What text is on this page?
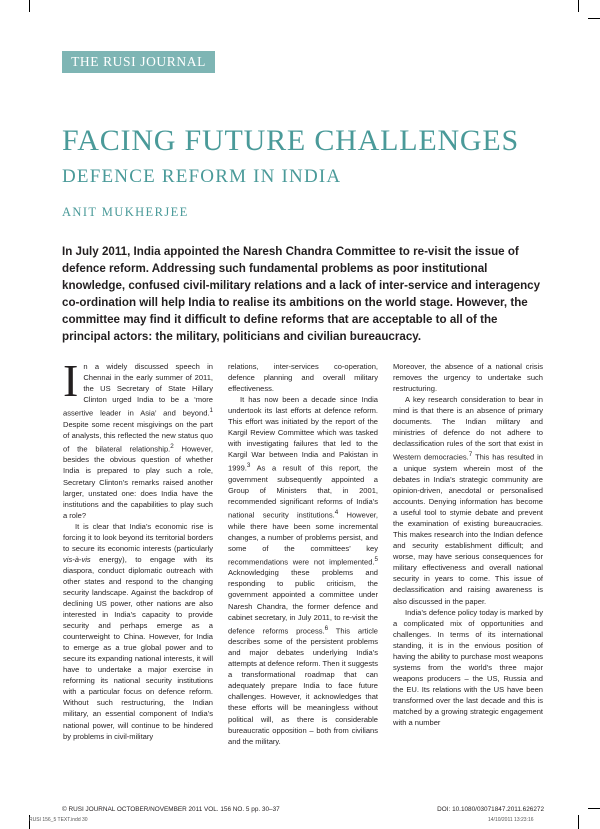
THE RUSI JOURNAL
FACING FUTURE CHALLENGES
DEFENCE REFORM IN INDIA
ANIT MUKHERJEE
In July 2011, India appointed the Naresh Chandra Committee to re-visit the issue of defence reform. Addressing such fundamental problems as poor institutional knowledge, confused civil-military relations and a lack of inter-service and interagency co-ordination will help India to realise its ambitions on the world stage. However, the committee may find it difficult to define reforms that are acceptable to all of the principal actors: the military, politicians and civilian bureaucracy.

In a widely discussed speech in Chennai in the early summer of 2011, the US Secretary of State Hillary Clinton urged India to be a ‘more assertive leader in Asia’ and beyond.$^1$ Despite some recent misgivings on the part of analysts, this reflected the new status quo of the bilateral relationship.$^2$ However, besides the obvious question of whether India is prepared to play such a role, Secretary Clinton’s remarks raised another larger, unstated one: does India have the institutions and the capabilities to play such a role?

It is clear that India’s economic rise is forcing it to look beyond its territorial borders to secure its economic interests (particularly vis-à-vis energy), to engage with its diaspora, conduct diplomatic outreach with other states and respond to the changing security landscape. Against the backdrop of declining US power, other nations are also interested in India’s capacity to provide security and perhaps emerge as a counterweight to China. However, for India to emerge as a true global power and to secure its expanding national interests, it will have to undertake a major exercise in reforming its national security institutions with a particular focus on defence reform. Without such restructuring, the Indian military, an essential component of India’s national power, will continue to be hindered by problems in civil-military

relations, inter-services co-operation, defence planning and overall military effectiveness.

It has now been a decade since India undertook its last efforts at defence reform. This effort was initiated by the report of the Kargil Review Committee which was tasked with investigating failures that led to the Kargil War between India and Pakistan in 1999.$^3$ As a result of this report, the government subsequently appointed a Group of Ministers that, in 2001, recommended significant reforms of India’s national security institutions.$^4$ However, while there have been some incremental changes, a number of problems persist, and some of the committees’ key recommendations were not implemented.$^5$ Acknowledging these problems and responding to public criticism, the government appointed a committee under Naresh Chandra, the former defence and cabinet secretary, in July 2011, to re-visit the defence reforms process.$^6$ This article describes some of the persistent problems and major debates underlying India’s attempts at defence reform. Then it suggests a transformational roadmap that can adequately prepare India to face future challenges. However, it acknowledges that these efforts will be meaningless without political will, as there is considerable bureaucratic opposition – both from civilians and the military.

Moreover, the absence of a national crisis removes the urgency to undertake such restructuring.

A key research consideration to bear in mind is that there is an absence of primary documents. The Indian military and ministries of defence do not adhere to declassification rules of the sort that exist in Western democracies.$^7$ This has resulted in a unique system wherein most of the debates in India’s strategic community are opinion-driven, anecdotal or personalised accounts. Denying information has become a useful tool to stymie debate and prevent the examination of existing bureaucracies. This makes research into the Indian defence and security establishment difficult; and worse, may have serious consequences for military effectiveness and overall national security in years to come. This issue of declassification and raising awareness is also discussed in the paper.

India’s defence policy today is marked by a complicated mix of opportunities and challenges. In terms of its international standing, it is in the envious position of having the ability to purchase most weapons systems from the world’s three major weapons producers – the US, Russia and the EU. Its relations with the US have been transformed over the last decade and this is matched by a growing strategic engagement with a number

© RUSI JOURNAL OCTOBER/NOVEMBER 2011 VOL. 156 NO. 5 pp. 30–37	DOI: 10.1080/03071847.2011.626272
RUSI 156_5 TEXT.indd 30	14/10/2011 13:23:16
